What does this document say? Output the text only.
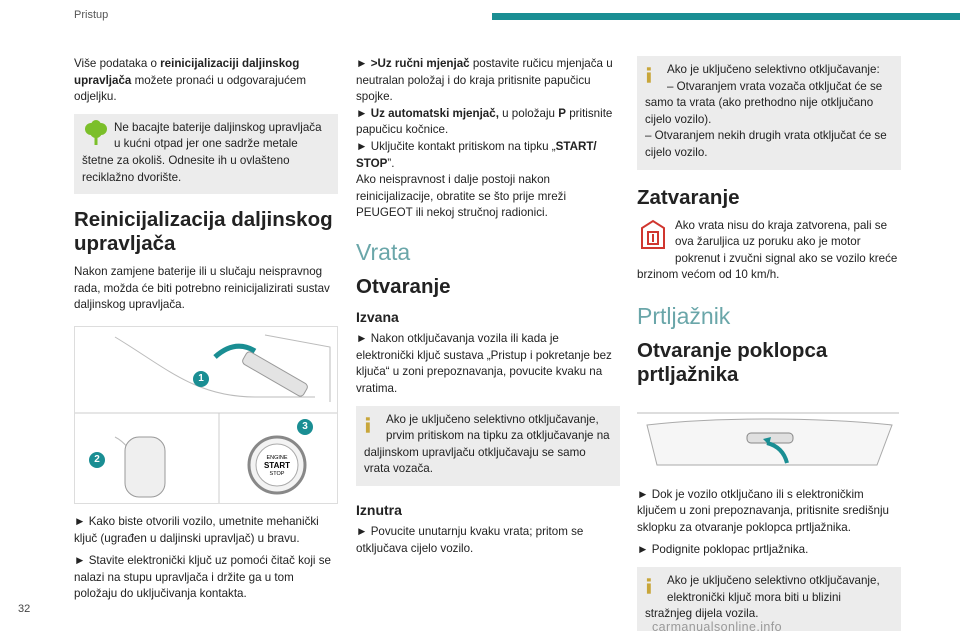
Pristup

Više podataka o reinicijalizaciji daljinskog upravljača možete pronaći u odgovarajućem odjeljku.

Ne bacajte baterije daljinskog upravljača u kućni otpad jer one sadrže metale štetne za okoliš. Odnesite ih u ovlašteno reciklažno dvorište.

Reinicijalizacija daljinskog upravljača

Nakon zamjene baterije ili u slučaju neispravnog rada, možda će biti potrebno reinicijalizirati sustav daljinskog upravljača.

ENGINE
START
STOP
1
2
3

► Kako biste otvorili vozilo, umetnite mehanički ključ (ugrađen u daljinski upravljač) u bravu.

► Stavite elektronički ključ uz pomoći čitač koji se nalazi na stupu upravljača i držite ga u tom položaju do uključivanja kontakta.

► >Uz ručni mjenjač postavite ručicu mjenjača u neutralan položaj i do kraja pritisnite papučicu spojke.

► Uz automatski mjenjač, u položaju P pritisnite papučicu kočnice.

► Uključite kontakt pritiskom na tipku „START/ STOP”.

Ako neispravnost i dalje postoji nakon reinicijalizacije, obratite se što prije mreži PEUGEOT ili nekoj stručnoj radionici.

Vrata
Otvaranje
Izvana

► Nakon otključavanja vozila ili kada je elektronički ključ sustava „Pristup i pokretanje bez ključa“ u zoni prepoznavanja, povucite kvaku na vratima.

Ako je uključeno selektivno otključavanje, prvim pritiskom na tipku za otključavanje na daljinskom upravljaču otključavaju se samo vrata vozača.

Iznutra

► Povucite unutarnju kvaku vrata; pritom se otključava cijelo vozilo.

Ako je uključeno selektivno otključavanje:

– Otvaranjem vrata vozača otključat će se samo ta vrata (ako prethodno nije otključano cijelo vozilo).

– Otvaranjem nekih drugih vrata otključat će se cijelo vozilo.

Zatvaranje

Ako vrata nisu do kraja zatvorena, pali se ova žaruljica uz poruku ako je motor pokrenut i zvučni signal ako se vozilo kreće brzinom većom od 10 km/h.

Prtljažnik
Otvaranje poklopca prtljažnika

► Dok je vozilo otključano ili s elektroničkim ključem u zoni prepoznavanja, pritisnite središnju sklopku za otvaranje poklopca prtljažnika.

► Podignite poklopac prtljažnika.

Ako je uključeno selektivno otključavanje, elektronički ključ mora biti u blizini stražnjeg dijela vozila.

32
carmanualsonline.info
